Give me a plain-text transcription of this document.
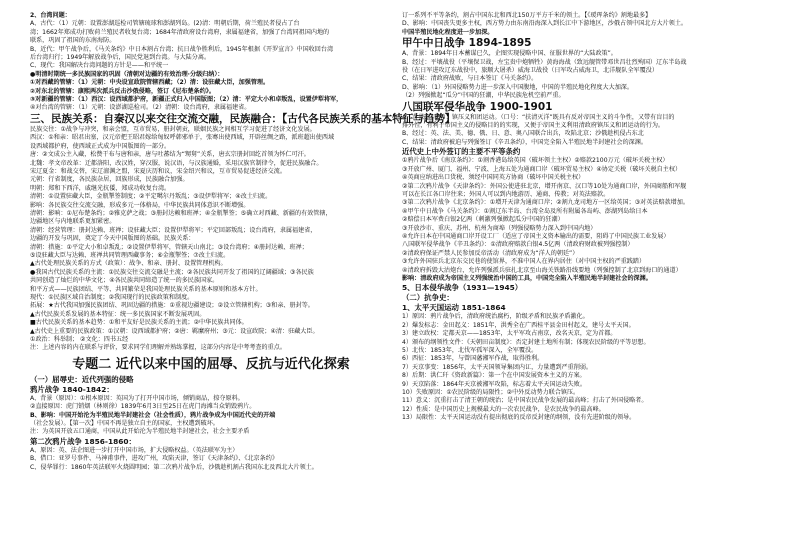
2、台湾问题：
A、古代：（1）元朝：设置澎湖巡检司管辖琉球和澎湖列岛。(2)清：明朝后期，荷兰殖民者侵占了台
湾；1662年郑成功打败荷兰殖民者收复台湾；1684年清政府设台湾府，隶属福建省，加强了台湾同祖国内地的
联系，巩固了祖国的东南海防。
B、近代：甲午战争后，《马关条约》中日本割占台湾；抗日战争胜利后，1945年根据《开罗宣言》中国收回台湾
后台湾归行；1949年解放战争后，国民党退到台湾。与大陆分离。
C、现代：我国解决台湾问题的方针是——和平统一
●明清时期统一多民族国家的巩固（清朝对边疆的有效治理·分级归纳）：
①对西藏的管辖：（1）元朝：中央设宣政院管辖西藏；（2）清：设驻藏大臣，加强管理。
②对东北的管辖：康熙两次派兵反击沙俄侵略，签订《尼布楚条约》。
③对新疆的管辖：（1）西汉：设西域都护府，新疆正式归入中国版图；（2）清：平定大小和卓叛乱，设置伊犁将军，
④对台湾的管辖：（1）元朝：设澎湖巡检司。（2）清朝：设台湾府，隶属福建省。
三、民族关系：自秦汉以来交往交流交融，民族融合：【古代各民族关系的基本特征与趋势】
民族交往：①战争与冲突，和亲会盟，互市贸易，册封朝贡，联姻民族之间相互学习促进了经济文化发展。
西汉：①和亲：昭君出塞，汉元帝把王昭君嫁给匈奴呼韩邪单于，张骞出使西域，开辟丝绸之路，派班超出使西域
设西域都护府，使西域正式成为中国版图的一部分。
唐：②文成公主入藏，松赞干布与唐和亲，唐与吐蕃结为“甥舅”关系，唐玄宗册封回纥首领为怀仁可汗。
北魏：孝文帝改革：迁都洛阳，改汉姓，穿汉服，说汉语，与汉族通婚，采用汉族官制律令，促进民族融合。
宋辽夏金：和战交替，宋辽澶渊之盟，宋夏庆历和议，宋金绍兴和议，互市贸易促进经济交流。
元朝：行省制度，各民族杂居，回族形成，民族融合加强。
明朝：郑和下西洋，戚继光抗倭，郑成功收复台湾。
清朝：①设置驻藏大臣，金瓶掣签制度；②平定噶尔丹叛乱；③设伊犁将军；④改土归流。
影响：各民族交往交流交融，形成多元一体格局，中华民族共同体意识不断增强。
清朝：影响：①尼布楚条约；②雅克萨之战；③册封达赖和班禅；④金瓶掣签；⑤确立对西藏、新疆的有效管辖，
边疆地区与内地联系更加紧密。
清朝：经营管理：册封达赖、班禅；设驻藏大臣；设置伊犁将军；平定回部叛乱；设台湾府，隶属福建省，
边疆的开发与巩固，奠定了今天中国版图的基础。民族关系：
清朝：措施：①平定大小和卓叛乱；②设置伊犁将军，管辖天山南北；③设台湾府；④册封达赖、班禅；
⑤设驻藏大臣与达赖、班禅共同管理西藏事务；⑥金瓶掣签；⑦改土归流。
▲古代处理民族关系的方式（政策）：战争、和亲、册封、设置管理机构。
●我国古代民族关系的主流：①民族交往交流交融是主流；②各民族共同开发了祖国的辽阔疆域；③各民族
共同创造了灿烂的中华文化；④各民族共同缔造了统一的多民族国家。
和平方式——民族团结、平等、共同繁荣是我国处理民族关系的基本原则和基本方针。
现代：①民族区域自治制度；②我国现行的民族政策和制度。
拓展：★古代我国加强民族团结、巩固边疆的措施：①重视边疆建设；②设立管辖机构；③和亲、册封等。
▲古代民族关系发展的基本特征：统一多民族国家不断发展巩固。
■古代民族关系的基本趋势：①和平友好是民族关系的主流；②中华民族共同体。
▲古代史上重要的民族政策：①汉朝：设西域都护府；②唐：羁縻府州；③元：设宣政院；④清：驻藏大臣。
①政治：科举制； ②文化：四书五经
注：上述内容的内在联系与评价，要求同学们理解并熟练掌握，这部分内容是中考考查的重点。
专题二 近代以来中国的屈辱、反抗与近代化探索
（一）屈辱史：近代列强的侵略
鸦片战争 1840-1842：
A、背景（原因）：①根本原因：英国为了打开中国市场，倾销商品，掠夺原料。
②直接原因：虎门销烟（林则徐）1839年6月3日至25日在虎门海滩当众销毁鸦片。
B、影响：中国开始沦为半殖民地半封建社会（社会性质），鸦片战争成为中国近代史的开端
（社会发展）。【第一次】中国不再是独立自主的国家，主权遭到破坏。
注：为英国开放五口通商，中国从此开始沦为半殖民地半封建社会，社会主要矛盾
第二次鸦片战争 1856-1860：
A、原因：英、法企图进一步打开中国市场，扩大侵略权益。（英法联军为主）
B、借口：亚罗号事件、马神甫事件，进攻广州，攻陷天津，签订《天津条约》、《北京条约》
C、侵华罪行：1860年英法联军火烧圆明园；第二次鸦片战争后，沙俄趁机割占我国东北及西北大片领土。
订一系列不平等条约，割占中国东北和西北150万平方千米的领土。【《瑷珲条约》割地最多】
D、影响：中国丧失更多主权，西方势力由东南沿海深入到长江中下游地区，沙俄占领中国北方大片领土。
中国半殖民地化程度进一步加深。
甲午中日战争 1894-1895
A、背景：1894年日本蓄谋已久，企图实现侵略中国、征服世界的“大陆政策”。
B、经过：平壤战役（平壤保卫战，左宝贵中炮牺牲）黄海海战（致远舰管带邓世昌壮烈殉国）辽东半岛战
役（在日军进攻辽东战役中，旅顺大屠杀）威海卫战役（日军攻占威海卫，北洋舰队全军覆没）
C、结果：清政府战败，与日本签订《马关条约》。
D、影响：（1）外国侵略势力进一步深入中国腹地，中国的半殖民地化程度大大加深。
（2）列强掀起“瓜分”中国的狂潮，中华民族危机空前严重。
八国联军侵华战争 1900-1901
A、背景（目的）：镇压义和团运动。（口号：“扶清灭洋”既具有反对帝国主义的斗争性，又带有盲目的
排外性，有利于帝国主义的侵略目的的实现，又便于帝国主义利用清政府镇压义和团运动的行为。
B、经过：英、法、美、德、俄、日、意、奥八国联合出兵，攻陷北京；沙俄趁机侵占东北
C、结果：清政府被迫与列强签订《辛丑条约》，中国完全陷入半殖民地半封建社会的深渊。
近代史上中外签订的主要不平等条约
①鸦片战争后《南京条约》：①割香港岛给英国（破坏领土主权）②赔款2100万元（破坏关税主权）
③开放广州、厦门、福州、宁波、上海五处为通商口岸（破坏贸易主权）④协定关税（破坏关税自主权）
④英商应纳进出口货税、须经中国同英方协商（破坏中国关税主权）
②第二次鸦片战争《天津条约》：外国公使进驻北京，增开南京、汉口等10处为通商口岸，外国商船和军舰
可以在长江各口岸往来；外国人可以到内地游历、通商、传教；对英法赔款。
③第二次鸦片战争《北京条约》：①增开天津为通商口岸；②割九龙司地方一区给英国；③对英法赔款增加。
④甲午中日战争《马关条约》：①割辽东半岛、台湾全岛及所有附属各岛屿、澎湖列岛给日本
②赔偿日本军费白银2亿两（刺激列强掀起瓜分中国的狂潮）
③开放沙市、重庆、苏州、杭州为商埠（列强侵略势力深入到中国内地）
④允许日本在中国通商口岸开设工厂（适应了帝国主义资本输出的需要，阻碍了中国民族工业发展）
八国联军侵华战争《辛丑条约》：①清政府赔款白银4.5亿两（清政府财政被列强控制）
②清政府保证严禁人民参加反帝活动（清政府成为“洋人的朝廷”）
③允许外国驻兵北京东交民巷的使馆界，不准中国人在界内居住（对中国主权的严重践踏）
④清政府拆毁大沽炮台，允许列强派兵驻扎北京至山海关铁路沿线要地（列强控制了北京到海口的通道）
影响：清政府成为帝国主义列强统治中国的工具，中国完全陷入半殖民地半封建社会的深渊。
5、日本侵华战争（1931—1945）
（二）抗争史：
1、太平天国运动 1851-1864
1）原因：鸦片战争后，清政府统治腐朽，阶级矛盾和民族矛盾激化。
2）爆发标志：金田起义：1851年，洪秀全在广西桂平县金田村起义，建号太平天国。
3）建立政权：定都天京——1853年，太平军攻占南京，改名天京，定为首都。
4）颁布的纲领性文件：《天朝田亩制度》：否定封建土地所有制；体现农民阶级的平等思想。
5）北伐：1853年，北伐军孤军深入，全军覆没。
6）西征：1853年，与曾国藩湘军作战，取得胜利。
7）天京事变：1856年，太平天国领导集团内讧，力量遭到严重削弱。
8）后期：洪仁玕《资政新篇》：第一个在中国发展资本主义的方案。
9）天京陷落：1864年天京被湘军攻陷，标志着太平天国运动失败。
10）失败原因：①农民阶级的局限性；②中外反动势力联合镇压。
11）意义：沉重打击了清王朝的统治；是中国农民战争发展的最高峰；打击了外国侵略者。
12）性质：是中国历史上规模最大的一次农民战争，是农民战争的最高峰。
13）局限性：太平天国运动没有提出彻底的反帝反封建的纲领，没有先进阶级的领导。
